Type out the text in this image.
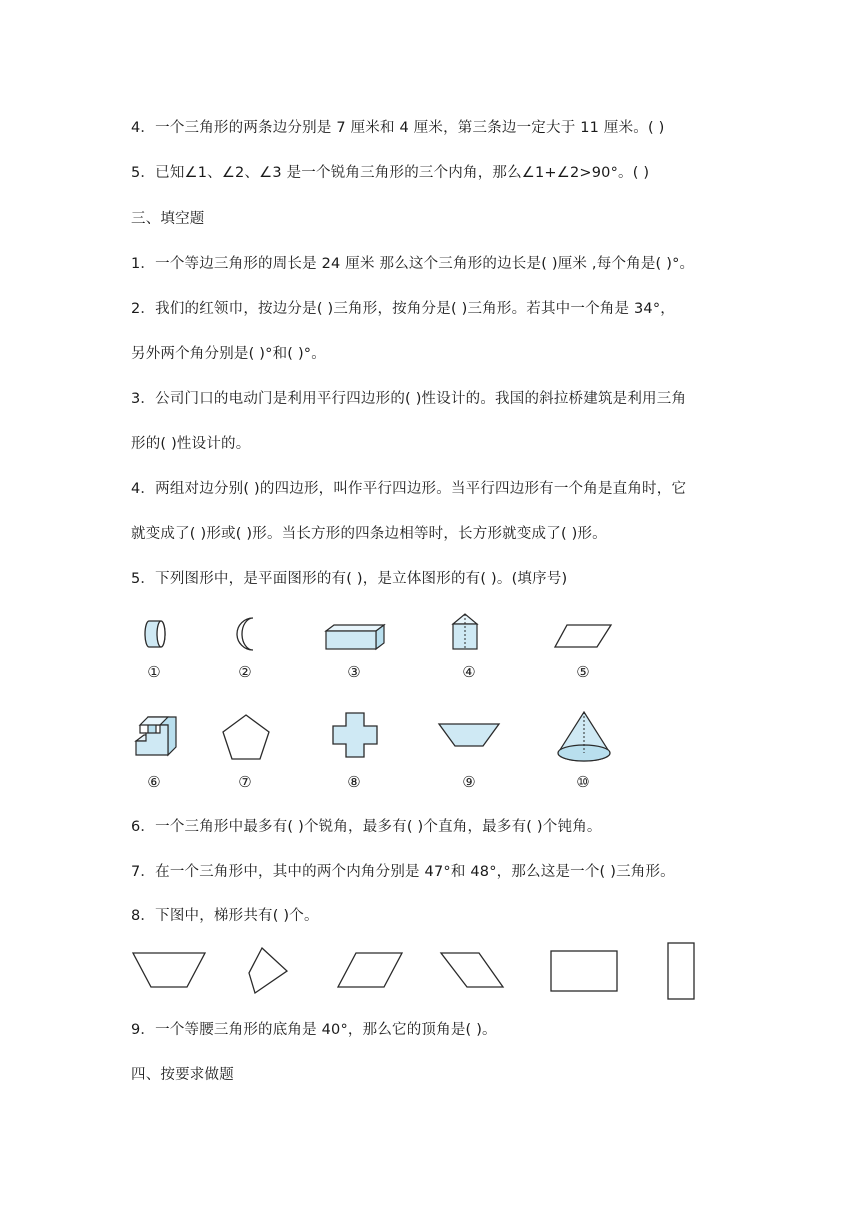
4．一个三角形的两条边分别是 7 厘米和 4 厘米，第三条边一定大于 11 厘米。( )
5．已知∠1、∠2、∠3 是一个锐角三角形的三个内角，那么∠1+∠2>90°。( )
三、填空题
1．一个等边三角形的周长是 24 厘米 那么这个三角形的边长是( )厘米 ,每个角是( )°。
2．我们的红领巾，按边分是( )三角形，按角分是( )三角形。若其中一个角是 34°，
另外两个角分别是( )°和( )°。
3．公司门口的电动门是利用平行四边形的( )性设计的。我国的斜拉桥建筑是利用三角
形的( )性设计的。
4．两组对边分别( )的四边形，叫作平行四边形。当平行四边形有一个角是直角时，它
就变成了( )形或( )形。当长方形的四条边相等时，长方形就变成了( )形。
5．下列图形中，是平面图形的有( )，是立体图形的有( )。(填序号)
①	②	③	④	⑤
⑥	⑦	⑧	⑨	⑩
6．一个三角形中最多有( )个锐角，最多有( )个直角，最多有( )个钝角。
7．在一个三角形中，其中的两个内角分别是 47°和 48°，那么这是一个( )三角形。
8．下图中，梯形共有( )个。
9．一个等腰三角形的底角是 40°，那么它的顶角是( )。
四、按要求做题
